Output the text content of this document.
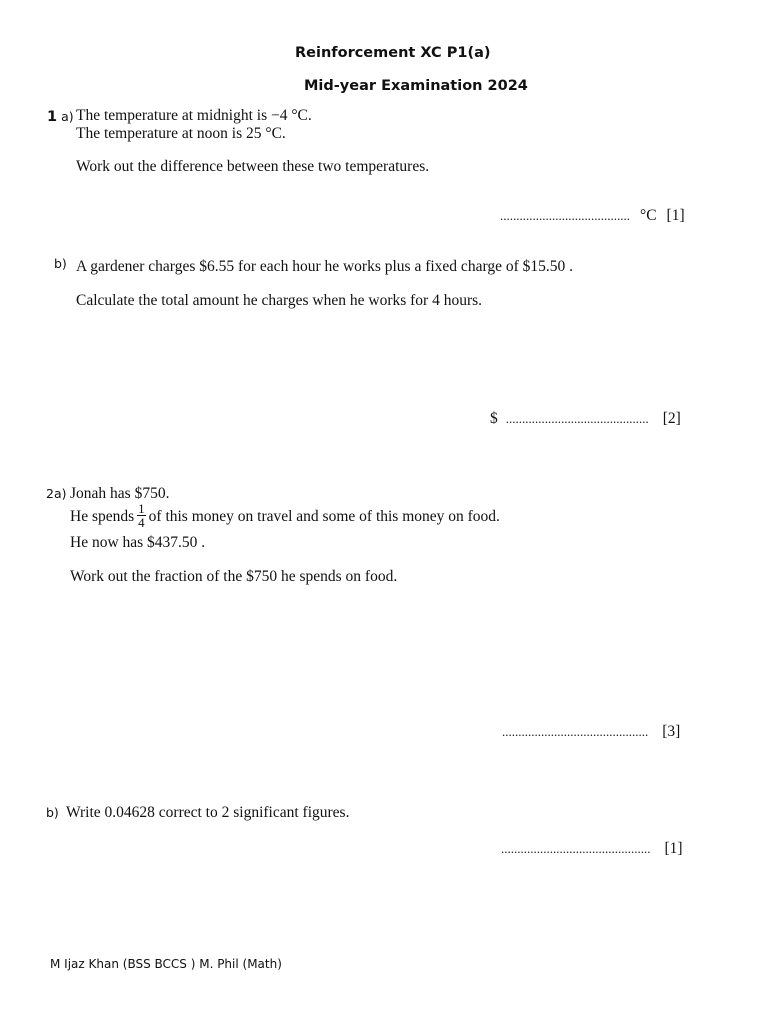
Reinforcement XC P1(a)
Mid-year Examination 2024
1 a) The temperature at midnight is −4 °C.
The temperature at noon is 25 °C.
Work out the difference between these two temperatures.
........................................ °C [1]
b) A gardener charges $6.55 for each hour he works plus a fixed charge of $15.50 .
Calculate the total amount he charges when he works for 4 hours.
$ ............................................ [2]
2a) Jonah has $750.
He spends $\frac{1}{4}$ of this money on travel and some of this money on food.
He now has $437.50 .
Work out the fraction of the $750 he spends on food.
............................................. [3]
b) Write 0.04628 correct to 2 significant figures.
.............................................. [1]
M Ijaz Khan (BSS BCCS ) M. Phil (Math)
